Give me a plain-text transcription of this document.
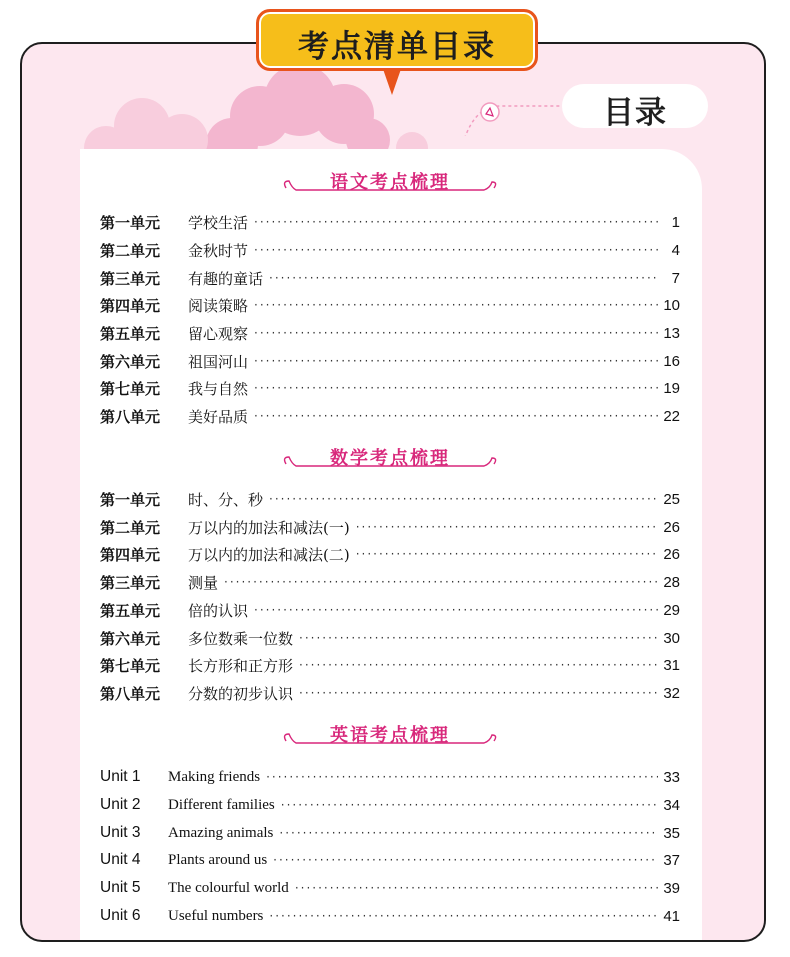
目录
考点清单目录
语文考点梳理
第一单元	学校生活 ·····	1
第二单元	金秋时节 ·····	4
第三单元	有趣的童话 ·····	7
第四单元	阅读策略 ·····	10
第五单元	留心观察 ·····	13
第六单元	祖国河山 ·····	16
第七单元	我与自然 ·····	19
第八单元	美好品质 ·····	22
数学考点梳理
第一单元	时、分、秒 ·····	25
第二单元	万以内的加法和减法(一) ·····	26
第四单元	万以内的加法和减法(二) ·····	26
第三单元	测量 ·····	28
第五单元	倍的认识 ·····	29
第六单元	多位数乘一位数 ·····	30
第七单元	长方形和正方形 ·····	31
第八单元	分数的初步认识 ·····	32
英语考点梳理
Unit 1	Making friends ·····	33
Unit 2	Different families ·····	34
Unit 3	Amazing animals ·····	35
Unit 4	Plants around us ·····	37
Unit 5	The colourful world ·····	39
Unit 6	Useful numbers ·····	41
